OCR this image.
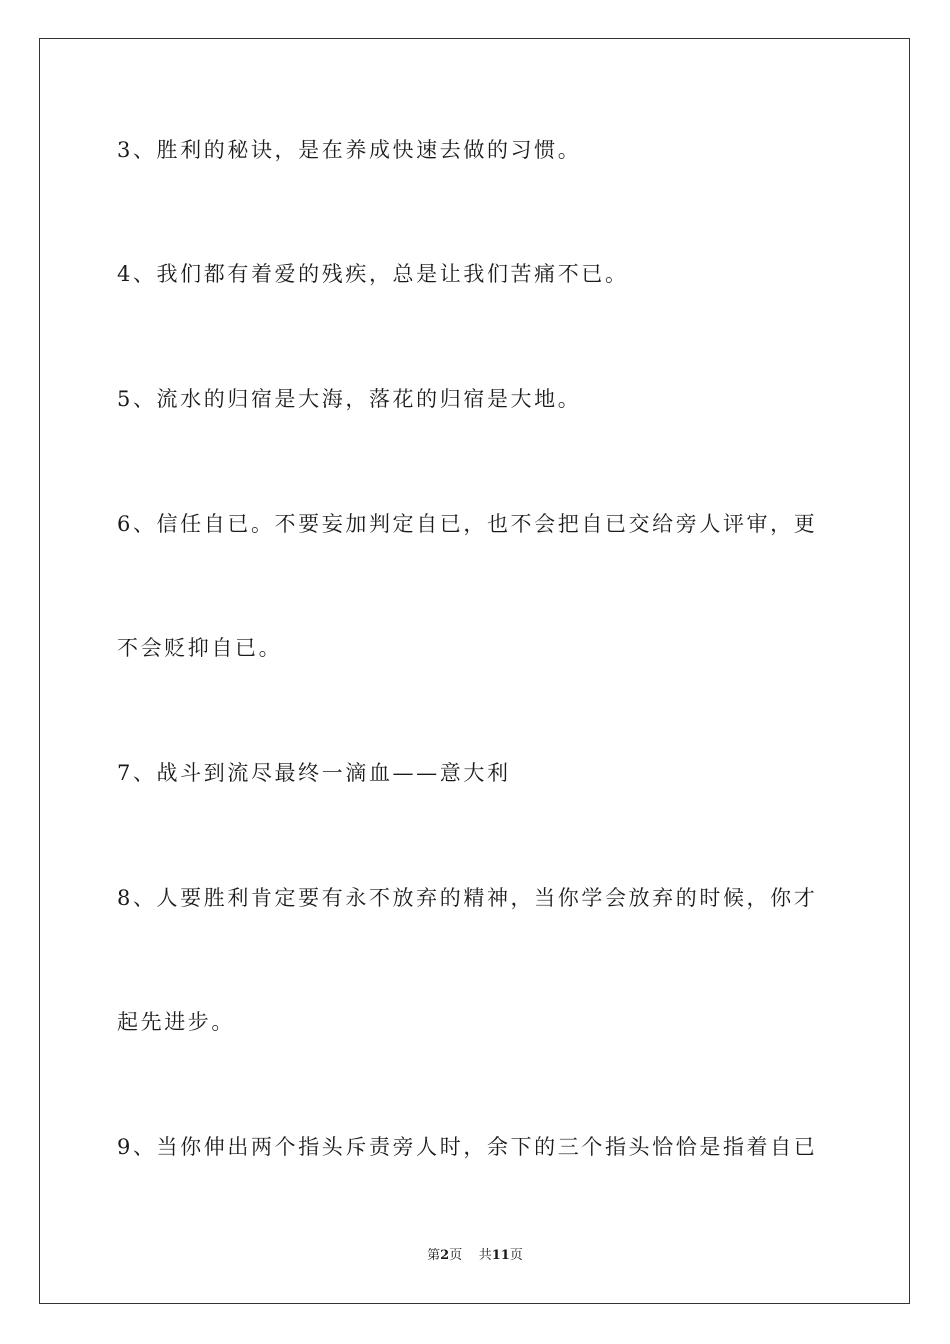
3、胜利的秘诀，是在养成快速去做的习惯。
4、我们都有着爱的残疾，总是让我们苦痛不已。
5、流水的归宿是大海，落花的归宿是大地。
6、信任自已。不要妄加判定自已，也不会把自已交给旁人评审，更
不会贬抑自已。
7、战斗到流尽最终一滴血——意大利
8、人要胜利肯定要有永不放弃的精神，当你学会放弃的时候，你才
起先进步。
9、当你伸出两个指头斥责旁人时，余下的三个指头恰恰是指着自已
第2页 共11页
